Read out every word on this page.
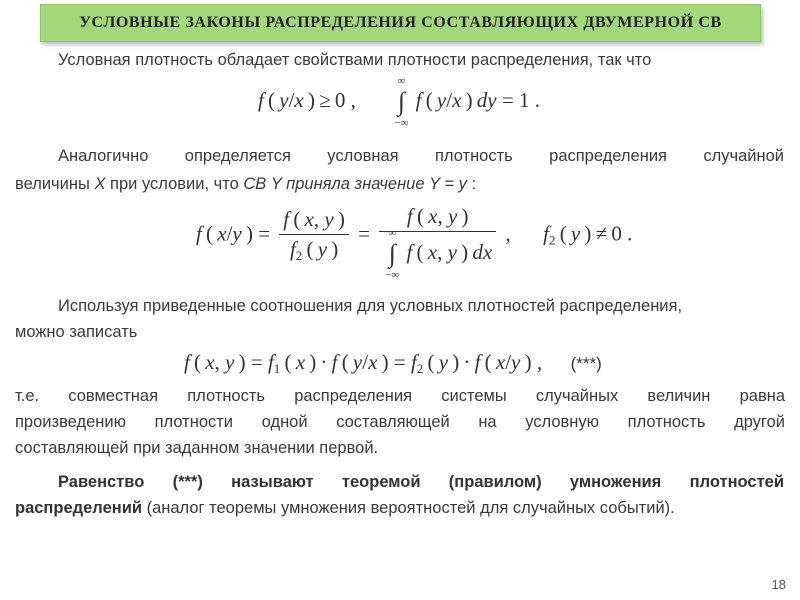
УСЛОВНЫЕ ЗАКОНЫ РАСПРЕДЕЛЕНИЯ СОСТАВЛЯЮЩИХ ДВУМЕРНОЙ СВ
Условная плотность обладает свойствами плотности распределения, так что
f ( y/x ) ≥ 0 ,
∞
∫
−∞
f ( y/x ) dy = 1 .
Аналогично определяется условная плотность распределения случайной
величины X при условии, что СВ Y приняла значение Y = y :
f ( x/y ) = $\frac{f ( x, y )}{f_2 ( y )} = f$ ( x, y )
∞
∫
−∞
f ( x, y ) dx ,  $f_2$ ( y ) ≠ 0 .
Используя приведенные соотношения для условных плотностей распределения,
можно записать
f ( x, y ) = $f_1$ ( x ) · f ( y/x ) = $f_2$ ( y ) · f ( x/y ) ,  (***)
т.е. совместная плотность распределения системы случайных величин равна
произведению плотности одной составляющей на условную плотность другой
составляющей при заданном значении первой.
Равенство (***) называют теоремой (правилом) умножения плотностей
распределений (аналог теоремы умножения вероятностей для случайных событий).
18
